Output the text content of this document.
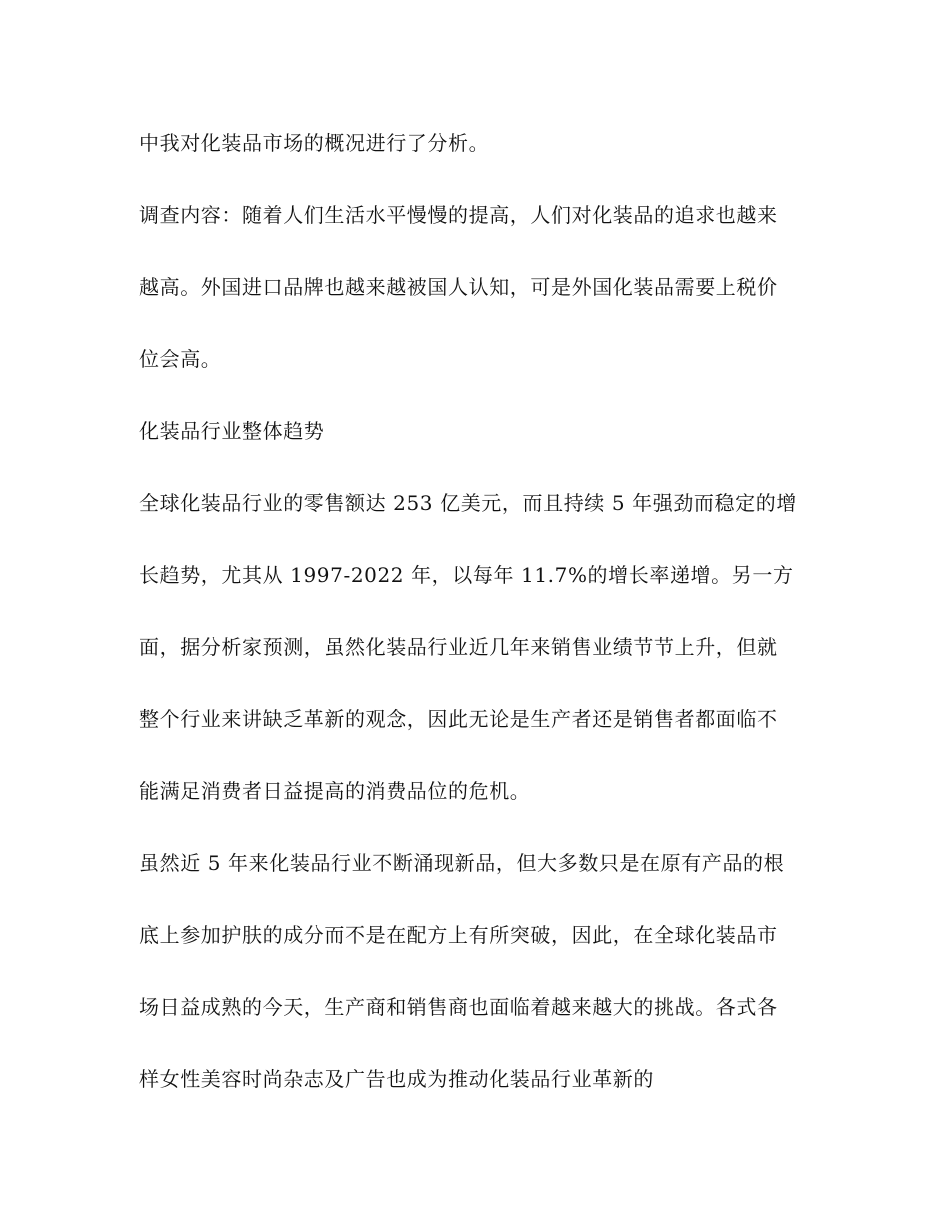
中我对化装品市场的概况进行了分析。

调查内容：随着人们生活水平慢慢的提高，人们对化装品的追求也越来

越高。外国进口品牌也越来越被国人认知，可是外国化装品需要上税价

位会高。

化装品行业整体趋势

全球化装品行业的零售额达 253 亿美元，而且持续 5 年强劲而稳定的增

长趋势，尤其从 1997-2022 年，以每年 11.7%的增长率递增。另一方

面，据分析家预测，虽然化装品行业近几年来销售业绩节节上升，但就

整个行业来讲缺乏革新的观念，因此无论是生产者还是销售者都面临不

能满足消费者日益提高的消费品位的危机。

虽然近 5 年来化装品行业不断涌现新品，但大多数只是在原有产品的根

底上参加护肤的成分而不是在配方上有所突破，因此，在全球化装品市

场日益成熟的今天，生产商和销售商也面临着越来越大的挑战。各式各

样女性美容时尚杂志及广告也成为推动化装品行业革新的
